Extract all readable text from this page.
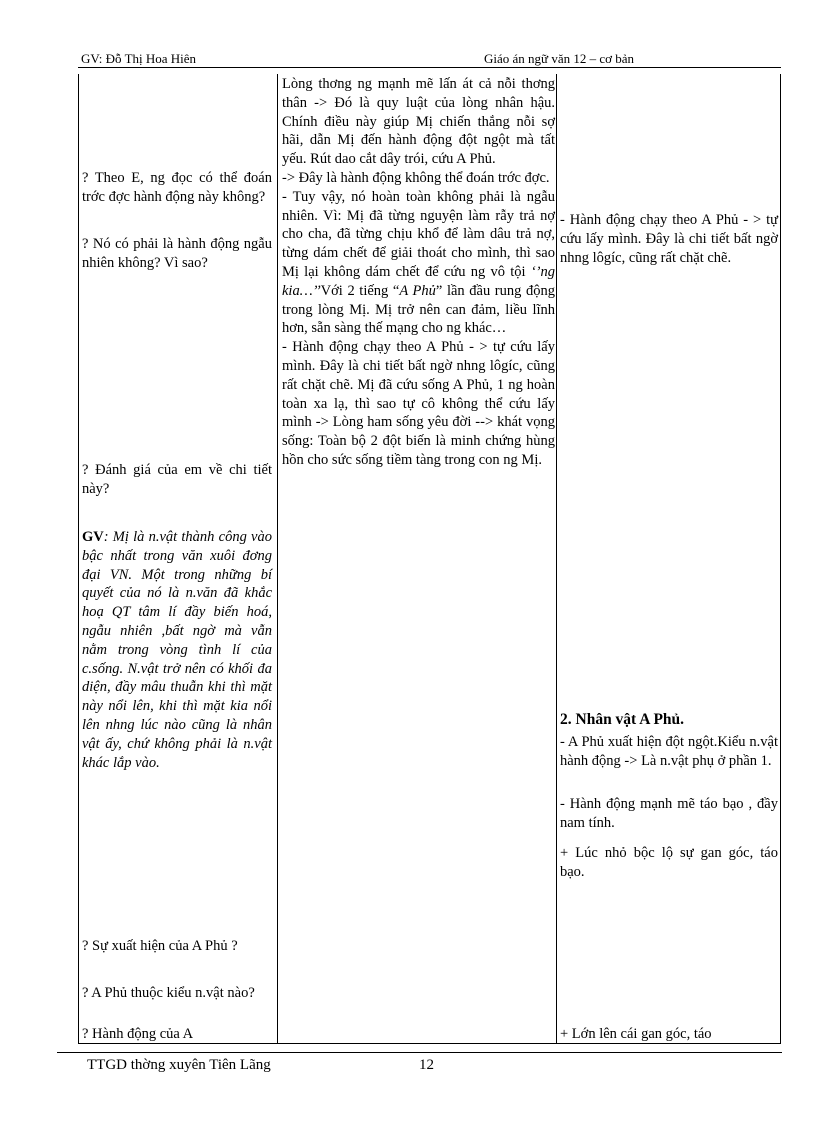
GV: Đỗ Thị Hoa Hiên	Giáo án ngữ văn 12 – cơ bản
? Theo E, ng đọc có thể đoán trớc đợc hành động này không?
? Nó có phải là hành động ngẫu nhiên không? Vì sao?
? Đánh giá của em về chi tiết này?
GV: Mị là n.vật thành công vào bậc nhất trong văn xuôi đơng đại VN. Một trong những bí quyết của nó là n.văn đã khắc hoạ QT tâm lí đầy biến hoá, ngẫu nhiên ,bất ngờ mà vẫn nằm trong vòng tình lí của c.sống. N.vật trở nên có khối đa diện, đầy mâu thuẫn khi thì mặt này nổi lên, khi thì mặt kia nổi lên nhng lúc nào cũng là nhân vật ấy, chứ không phải là n.vật khác lắp vào.
? Sự xuất hiện của A Phủ ?
? A Phủ thuộc kiểu n.vật nào?
? Hành động của A

Lòng thơng ng mạnh mẽ lấn át cả nỗi thơng thân -> Đó là quy luật của lòng nhân hậu. Chính điều này giúp Mị chiến thắng nỗi sợ hãi, dẫn Mị đến hành động đột ngột mà tất yếu. Rút dao cắt dây trói, cứu A Phủ.

-> Đây là hành động không thể đoán trớc đợc.

- Tuy vậy, nó hoàn toàn không phải là ngẫu nhiên. Vì: Mị đã từng nguyện làm rẫy trả nợ cho cha, đã từng chịu khổ để làm dâu trả nợ, từng dám chết để giải thoát cho mình, thì sao Mị lại không dám chết để cứu ng vô tội ‘’ng kia…’’Với 2 tiếng “A Phủ” lần đầu rung động trong lòng Mị. Mị trở nên can đảm, liều lĩnh hơn, sẵn sàng thế mạng cho ng khác…

- Hành động chạy theo A Phủ - > tự cứu lấy mình. Đây là chi tiết bất ngờ nhng lôgíc, cũng rất chặt chẽ. Mị đã cứu sống A Phủ, 1 ng hoàn toàn xa lạ, thì sao tự cô không thể cứu lấy mình -> Lòng ham sống yêu đời --> khát vọng sống: Toàn bộ 2 đột biến là minh chứng hùng hồn cho sức sống tiềm tàng trong con ng Mị.

- Hành động chạy theo A Phủ - > tự cứu lấy mình. Đây là chi tiết bất ngờ nhng lôgíc, cũng rất chặt chẽ.
2. Nhân vật A Phủ.
- A Phủ xuất hiện đột ngột.Kiểu n.vật hành động -> Là n.vật phụ ở phần 1.
- Hành động mạnh mẽ táo bạo , đầy nam tính.
+ Lúc nhỏ bộc lộ sự gan góc, táo bạo.
+ Lớn lên cái gan góc, táo
TTGD thờng xuyên Tiên Lãng	12
